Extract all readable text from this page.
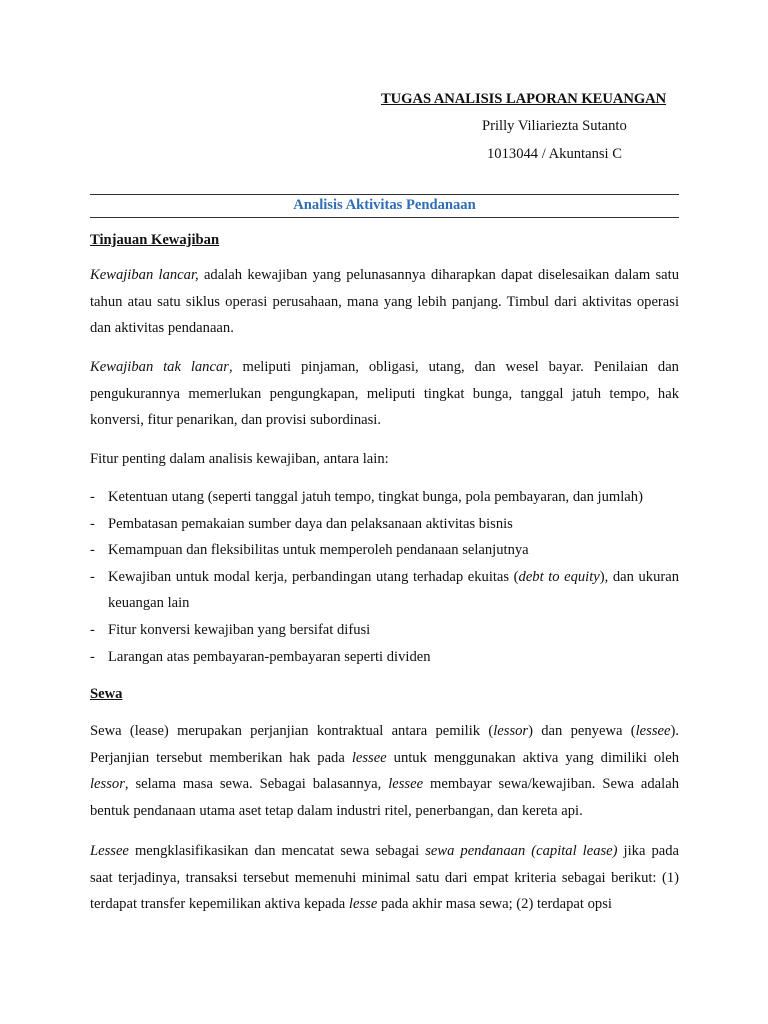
TUGAS ANALISIS LAPORAN KEUANGAN
Prilly Viliariezta Sutanto
1013044 / Akuntansi C
Analisis Aktivitas Pendanaan
Tinjauan Kewajiban

Kewajiban lancar, adalah kewajiban yang pelunasannya diharapkan dapat diselesaikan dalam satu tahun atau satu siklus operasi perusahaan, mana yang lebih panjang. Timbul dari aktivitas operasi dan aktivitas pendanaan.

Kewajiban tak lancar, meliputi pinjaman, obligasi, utang, dan wesel bayar. Penilaian dan pengukurannya memerlukan pengungkapan, meliputi tingkat bunga, tanggal jatuh tempo, hak konversi, fitur penarikan, dan provisi subordinasi.

Fitur penting dalam analisis kewajiban, antara lain:

- Ketentuan utang (seperti tanggal jatuh tempo, tingkat bunga, pola pembayaran, dan jumlah)
- Pembatasan pemakaian sumber daya dan pelaksanaan aktivitas bisnis
- Kemampuan dan fleksibilitas untuk memperoleh pendanaan selanjutnya
- Kewajiban untuk modal kerja, perbandingan utang terhadap ekuitas (debt to equity), dan ukuran keuangan lain
- Fitur konversi kewajiban yang bersifat difusi
- Larangan atas pembayaran-pembayaran seperti dividen
Sewa

Sewa (lease) merupakan perjanjian kontraktual antara pemilik (lessor) dan penyewa (lessee). Perjanjian tersebut memberikan hak pada lessee untuk menggunakan aktiva yang dimiliki oleh lessor, selama masa sewa. Sebagai balasannya, lessee membayar sewa/kewajiban. Sewa adalah bentuk pendanaan utama aset tetap dalam industri ritel, penerbangan, dan kereta api.

Lessee mengklasifikasikan dan mencatat sewa sebagai sewa pendanaan (capital lease) jika pada saat terjadinya, transaksi tersebut memenuhi minimal satu dari empat kriteria sebagai berikut: (1) terdapat transfer kepemilikan aktiva kepada lesse pada akhir masa sewa; (2) terdapat opsi
